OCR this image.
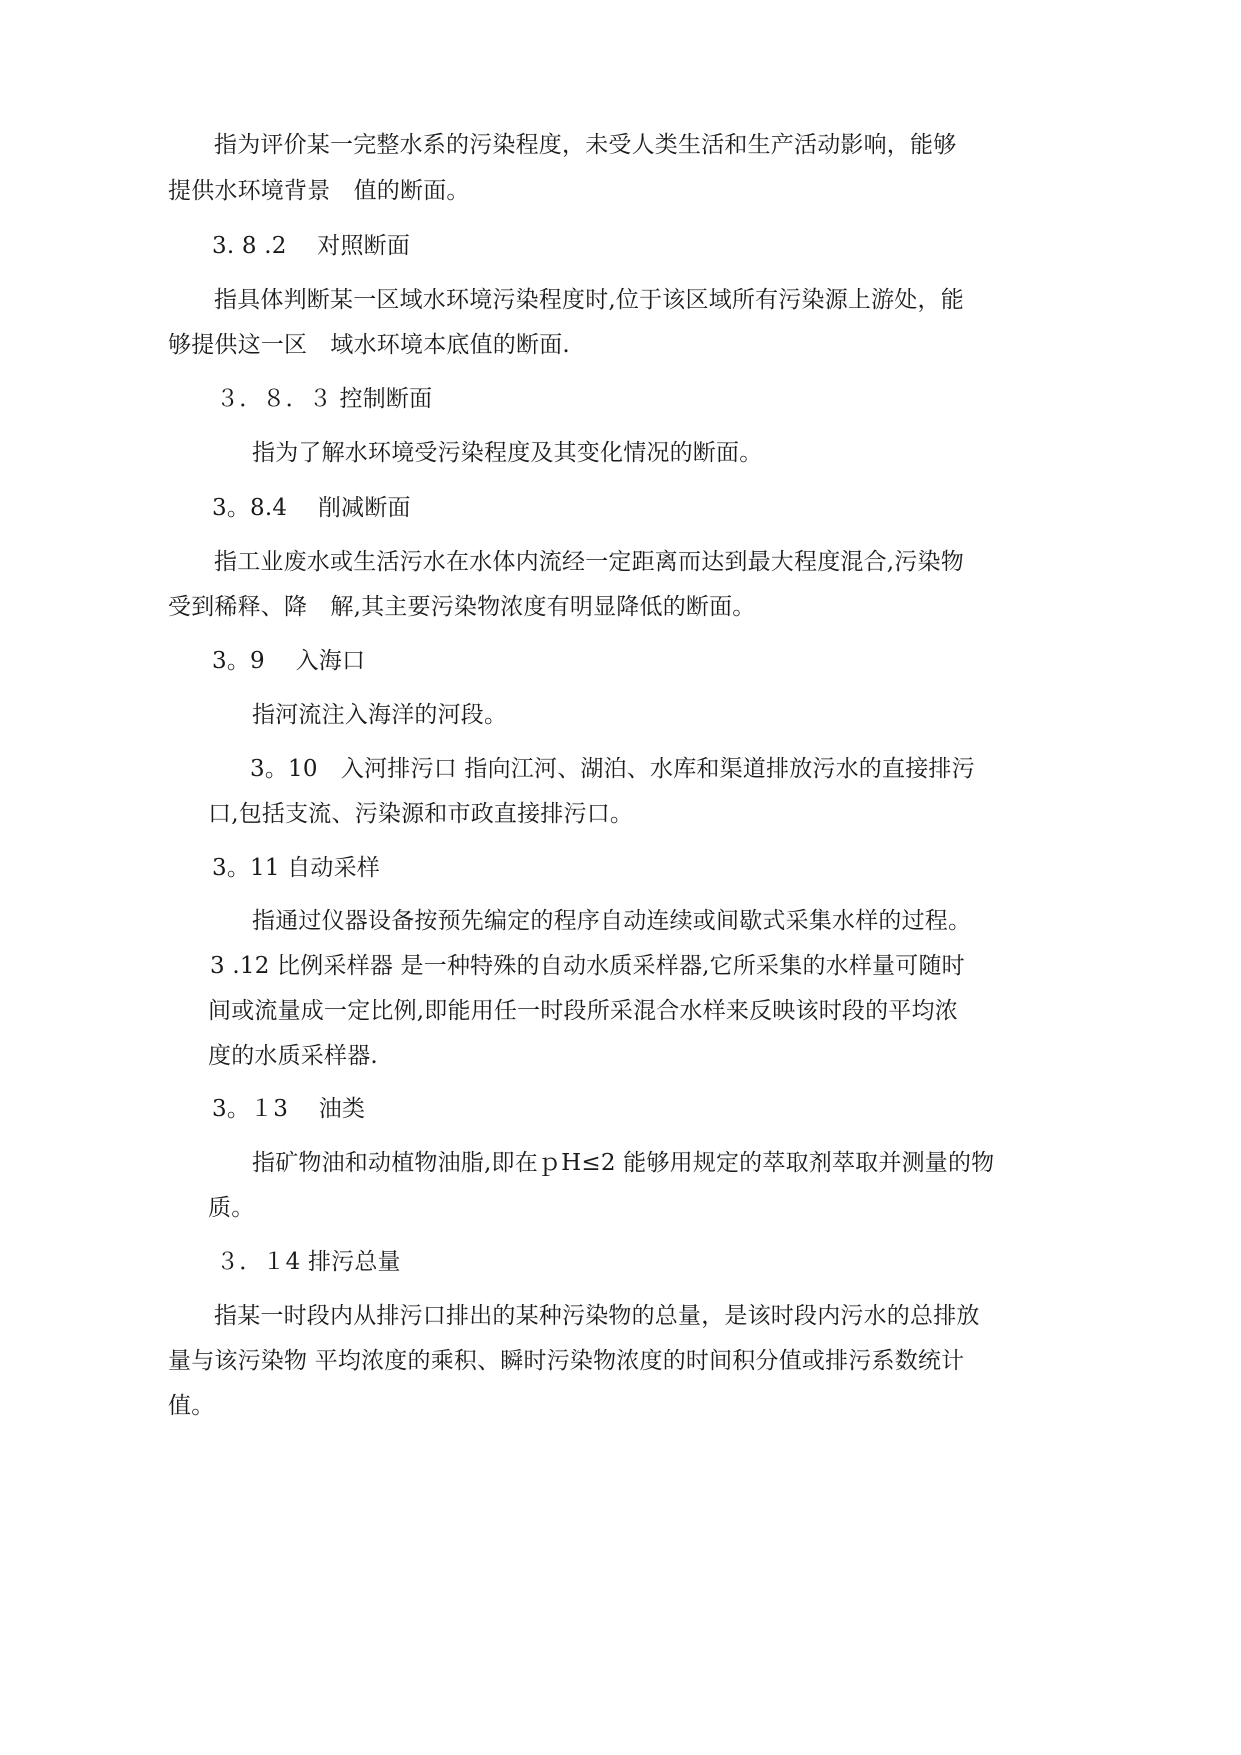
指为评价某一完整水系的污染程度，未受人类生活和生产活动影响，能够
提供水环境背景　值的断面。
3. 8 .2　 对照断面
指具体判断某一区域水环境污染程度时,位于该区域所有污染源上游处，能
够提供这一区　域水环境本底值的断面.
３．８．３ 控制断面
指为了解水环境受污染程度及其变化情况的断面。
3。8.4　 削减断面
指工业废水或生活污水在水体内流经一定距离而达到最大程度混合,污染物
受到稀释、降　解,其主要污染物浓度有明显降低的断面。
3。9　 入海口
指河流注入海洋的河段。
3。10　入河排污口 指向江河、湖泊、水库和渠道排放污水的直接排污
口,包括支流、污染源和市政直接排污口。
3。11 自动采样
指通过仪器设备按预先编定的程序自动连续或间歇式采集水样的过程。
3 .12 比例采样器 是一种特殊的自动水质采样器,它所采集的水样量可随时
间或流量成一定比例,即能用任一时段所采混合水样来反映该时段的平均浓
度的水质采样器.
3。１3　 油类
指矿物油和动植物油脂,即在ｐH≤2 能够用规定的萃取剂萃取并测量的物
质。
３．１4 排污总量
指某一时段内从排污口排出的某种污染物的总量，是该时段内污水的总排放
量与该污染物 平均浓度的乘积、瞬时污染物浓度的时间积分值或排污系数统计
值。
